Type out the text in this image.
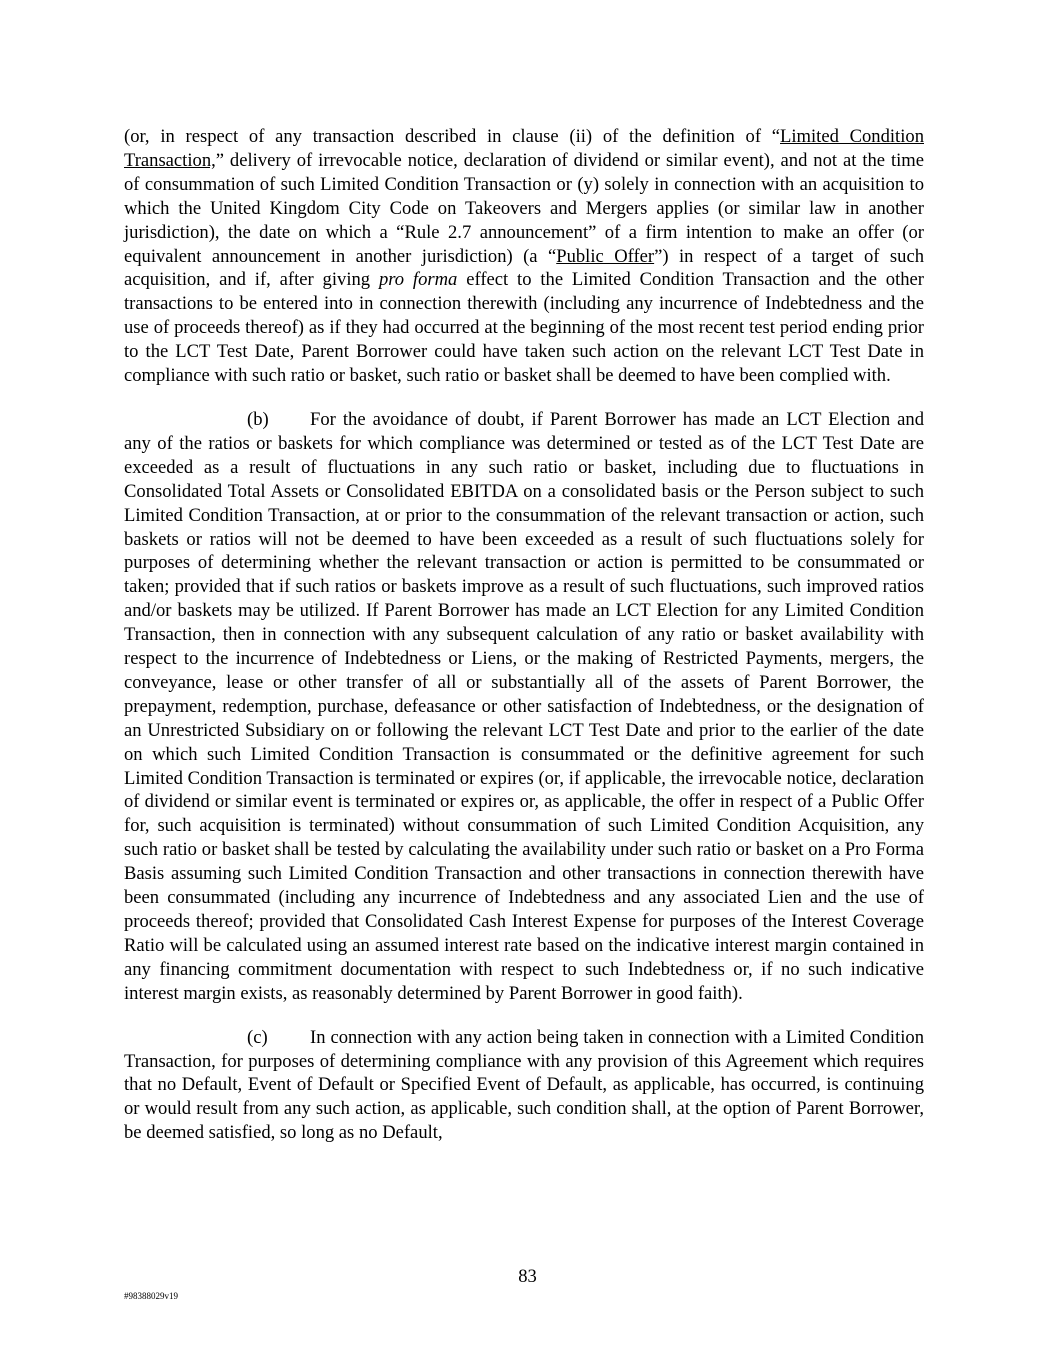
(or, in respect of any transaction described in clause (ii) of the definition of “Limited Condition Transaction,” delivery of irrevocable notice, declaration of dividend or similar event), and not at the time of consummation of such Limited Condition Transaction or (y) solely in connection with an acquisition to which the United Kingdom City Code on Takeovers and Mergers applies (or similar law in another jurisdiction), the date on which a “Rule 2.7 announcement” of a firm intention to make an offer (or equivalent announcement in another jurisdiction) (a “Public Offer”) in respect of a target of such acquisition, and if, after giving pro forma effect to the Limited Condition Transaction and the other transactions to be entered into in connection therewith (including any incurrence of Indebtedness and the use of proceeds thereof) as if they had occurred at the beginning of the most recent test period ending prior to the LCT Test Date, Parent Borrower could have taken such action on the relevant LCT Test Date in compliance with such ratio or basket, such ratio or basket shall be deemed to have been complied with.

(b) For the avoidance of doubt, if Parent Borrower has made an LCT Election and any of the ratios or baskets for which compliance was determined or tested as of the LCT Test Date are exceeded as a result of fluctuations in any such ratio or basket, including due to fluctuations in Consolidated Total Assets or Consolidated EBITDA on a consolidated basis or the Person subject to such Limited Condition Transaction, at or prior to the consummation of the relevant transaction or action, such baskets or ratios will not be deemed to have been exceeded as a result of such fluctuations solely for purposes of determining whether the relevant transaction or action is permitted to be consummated or taken; provided that if such ratios or baskets improve as a result of such fluctuations, such improved ratios and/or baskets may be utilized. If Parent Borrower has made an LCT Election for any Limited Condition Transaction, then in connection with any subsequent calculation of any ratio or basket availability with respect to the incurrence of Indebtedness or Liens, or the making of Restricted Payments, mergers, the conveyance, lease or other transfer of all or substantially all of the assets of Parent Borrower, the prepayment, redemption, purchase, defeasance or other satisfaction of Indebtedness, or the designation of an Unrestricted Subsidiary on or following the relevant LCT Test Date and prior to the earlier of the date on which such Limited Condition Transaction is consummated or the definitive agreement for such Limited Condition Transaction is terminated or expires (or, if applicable, the irrevocable notice, declaration of dividend or similar event is terminated or expires or, as applicable, the offer in respect of a Public Offer for, such acquisition is terminated) without consummation of such Limited Condition Acquisition, any such ratio or basket shall be tested by calculating the availability under such ratio or basket on a Pro Forma Basis assuming such Limited Condition Transaction and other transactions in connection therewith have been consummated (including any incurrence of Indebtedness and any associated Lien and the use of proceeds thereof; provided that Consolidated Cash Interest Expense for purposes of the Interest Coverage Ratio will be calculated using an assumed interest rate based on the indicative interest margin contained in any financing commitment documentation with respect to such Indebtedness or, if no such indicative interest margin exists, as reasonably determined by Parent Borrower in good faith).

(c) In connection with any action being taken in connection with a Limited Condition Transaction, for purposes of determining compliance with any provision of this Agreement which requires that no Default, Event of Default or Specified Event of Default, as applicable, has occurred, is continuing or would result from any such action, as applicable, such condition shall, at the option of Parent Borrower, be deemed satisfied, so long as no Default,

83
#98388029v19
